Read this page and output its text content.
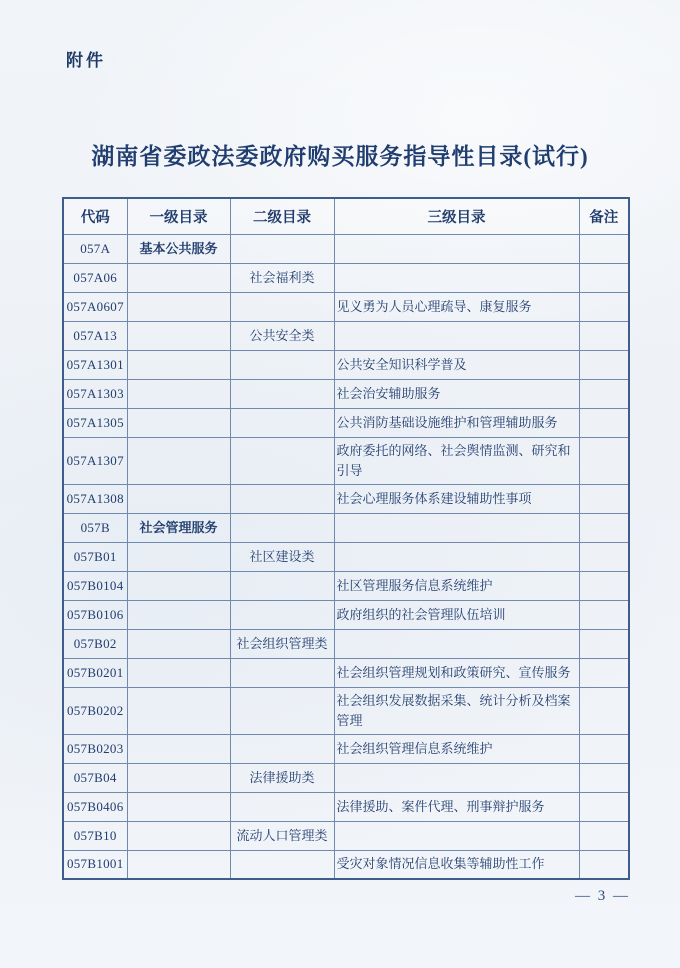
附件
湖南省委政法委政府购买服务指导性目录(试行)
代码	一级目录	二级目录	三级目录	备注
057A	基本公共服务			
057A06		社会福利类		
057A0607			见义勇为人员心理疏导、康复服务	
057A13		公共安全类		
057A1301			公共安全知识科学普及	
057A1303			社会治安辅助服务	
057A1305			公共消防基础设施维护和管理辅助服务	
057A1307			政府委托的网络、社会舆情监测、研究和引导	
057A1308			社会心理服务体系建设辅助性事项	
057B	社会管理服务			
057B01		社区建设类		
057B0104			社区管理服务信息系统维护	
057B0106			政府组织的社会管理队伍培训	
057B02		社会组织管理类		
057B0201			社会组织管理规划和政策研究、宣传服务	
057B0202			社会组织发展数据采集、统计分析及档案管理	
057B0203			社会组织管理信息系统维护	
057B04		法律援助类		
057B0406			法律援助、案件代理、刑事辩护服务	
057B10		流动人口管理类		
057B1001			受灾对象情况信息收集等辅助性工作	
— 3 —
